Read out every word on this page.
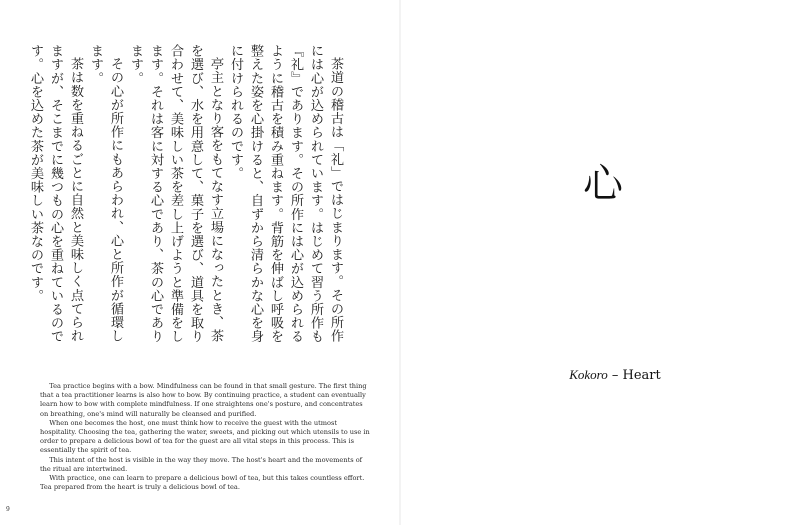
茶道の稽古は「礼」ではじまります。その所作には心が込められています。はじめて習う所作も『礼』であります。その所作には心が込められるように稽古を積み重ねます。背筋を伸ばし呼吸を整えた姿を心掛けると、自ずから清らかな心を身に付けられるのです。

亭主となり客をもてなす立場になったとき、茶を選び、水を用意して、菓子を選び、道具を取り合わせて、美味しい茶を差し上げようと準備をします。それは客に対する心であり、茶の心であります。

その心が所作にもあらわれ、心と所作が循環します。

茶は数を重ねるごとに自然と美味しく点てられますが、そこまでに幾つもの心を重ねているのです。心を込めた茶が美味しい茶なのです。

Tea practice begins with a bow. Mindfulness can be found in that small gesture. The first thing that a tea practitioner learns is also how to bow. By continuing practice, a student can eventually learn how to bow with complete mindfulness. If one straightens one's posture, and concentrates on breathing, one's mind will naturally be cleansed and purified.

When one becomes the host, one must think how to receive the guest with the utmost hospitality. Choosing the tea, gathering the water, sweets, and picking out which utensils to use in order to prepare a delicious bowl of tea for the guest are all vital steps in this process. This is essentially the spirit of tea.

This intent of the host is visible in the way they move. The host's heart and the movements of the ritual are intertwined.

With practice, one can learn to prepare a delicious bowl of tea, but this takes countless effort. Tea prepared from the heart is truly a delicious bowl of tea.

9
心
Kokoro – Heart
